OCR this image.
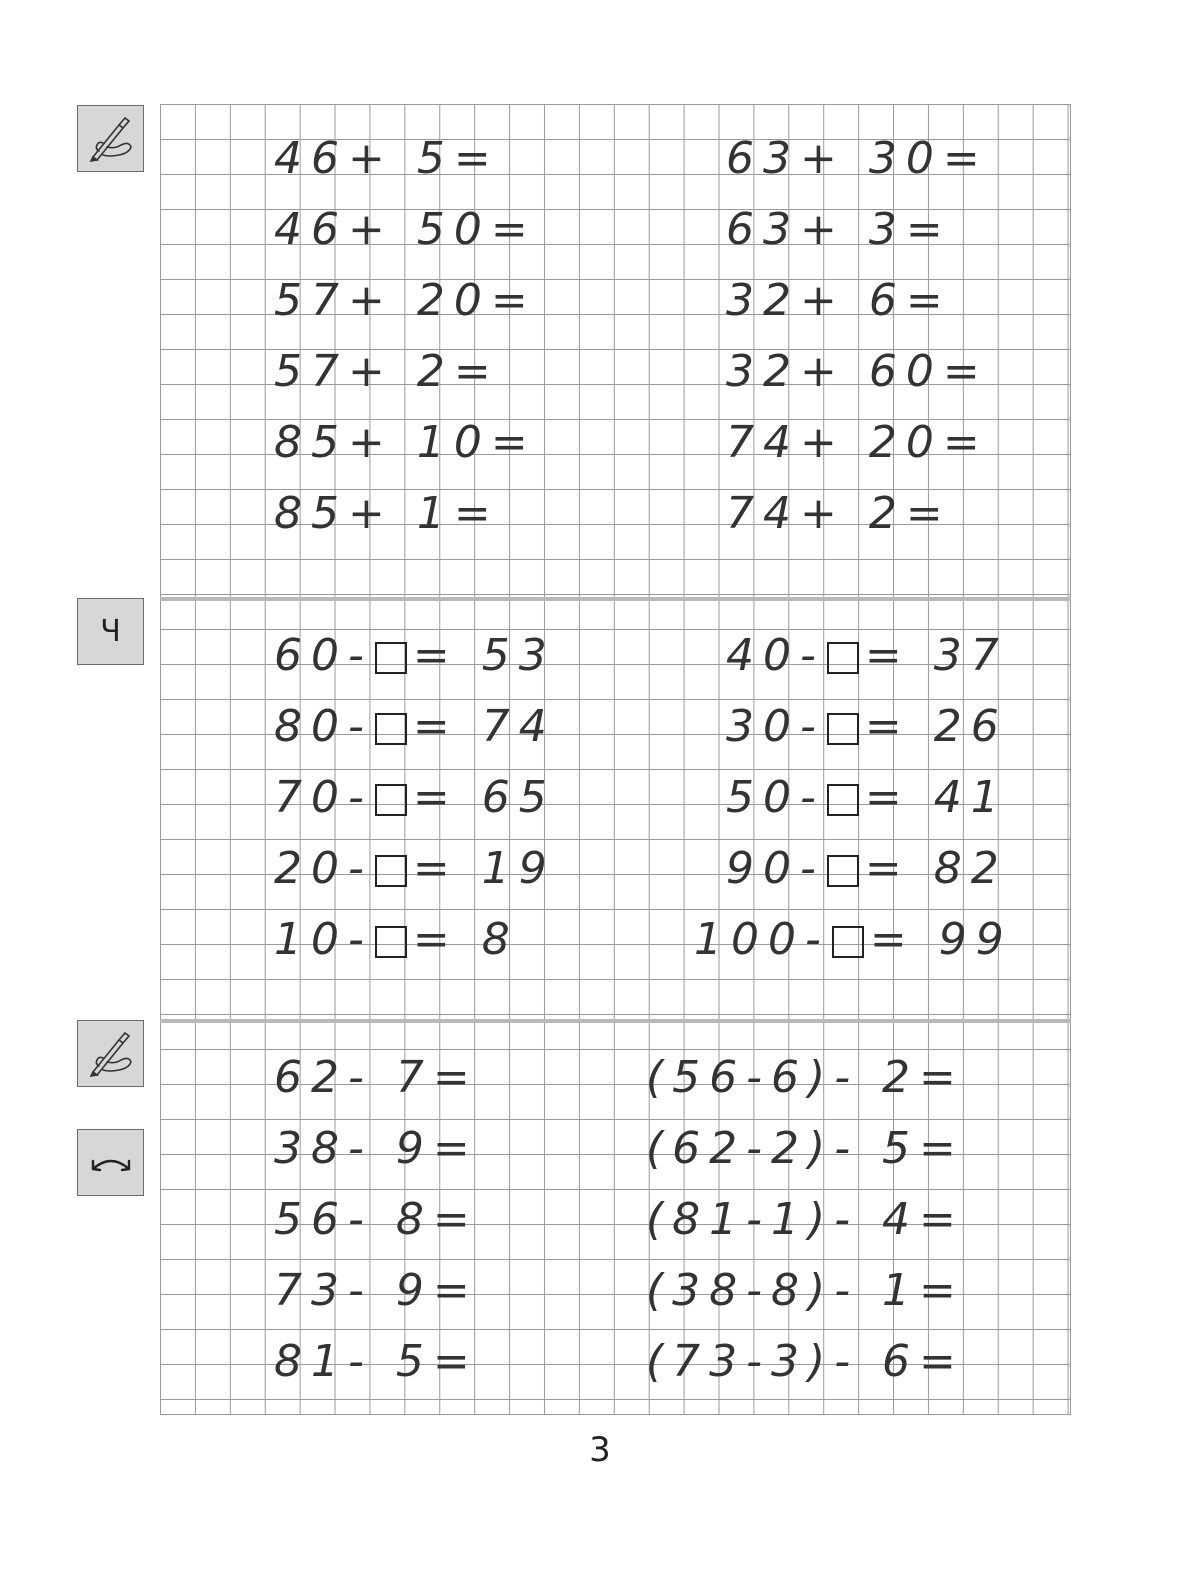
Ч
46+ 5=
46+ 50=
57+ 20=
57+ 2=
85+ 10=
85+ 1=
63+ 30=
63+ 3=
32+ 6=
32+ 60=
74+ 20=
74+ 2=
60- = 53
80- = 74
70- = 65
20- = 19
10- = 8
40- = 37
30- = 26
50- = 41
90- = 82
100- = 99
62- 7=
38- 9=
56- 8=
73- 9=
81- 5=
(56-6)- 2=
(62-2)- 5=
(81-1)- 4=
(38-8)- 1=
(73-3)- 6=
3
